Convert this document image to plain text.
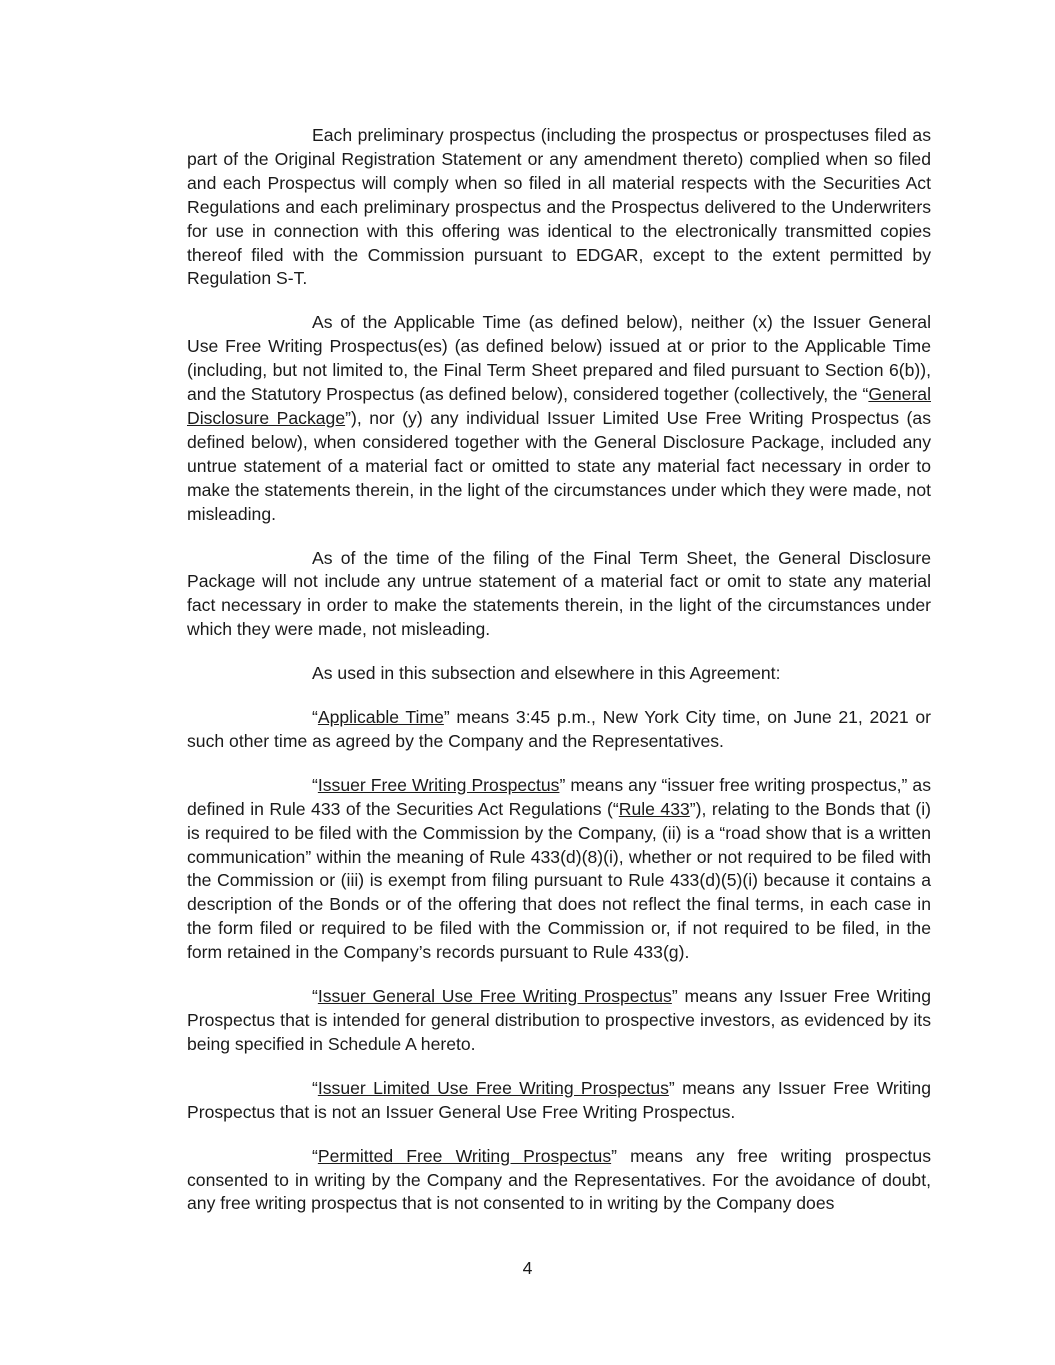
Each preliminary prospectus (including the prospectus or prospectuses filed as part of the Original Registration Statement or any amendment thereto) complied when so filed and each Prospectus will comply when so filed in all material respects with the Securities Act Regulations and each preliminary prospectus and the Prospectus delivered to the Underwriters for use in connection with this offering was identical to the electronically transmitted copies thereof filed with the Commission pursuant to EDGAR, except to the extent permitted by Regulation S-T.

As of the Applicable Time (as defined below), neither (x) the Issuer General Use Free Writing Prospectus(es) (as defined below) issued at or prior to the Applicable Time (including, but not limited to, the Final Term Sheet prepared and filed pursuant to Section 6(b)), and the Statutory Prospectus (as defined below), considered together (collectively, the “General Disclosure Package”), nor (y) any individual Issuer Limited Use Free Writing Prospectus (as defined below), when considered together with the General Disclosure Package, included any untrue statement of a material fact or omitted to state any material fact necessary in order to make the statements therein, in the light of the circumstances under which they were made, not misleading.

As of the time of the filing of the Final Term Sheet, the General Disclosure Package will not include any untrue statement of a material fact or omit to state any material fact necessary in order to make the statements therein, in the light of the circumstances under which they were made, not misleading.

As used in this subsection and elsewhere in this Agreement:

“Applicable Time” means 3:45 p.m., New York City time, on June 21, 2021 or such other time as agreed by the Company and the Representatives.

“Issuer Free Writing Prospectus” means any “issuer free writing prospectus,” as defined in Rule 433 of the Securities Act Regulations (“Rule 433”), relating to the Bonds that (i) is required to be filed with the Commission by the Company, (ii) is a “road show that is a written communication” within the meaning of Rule 433(d)(8)(i), whether or not required to be filed with the Commission or (iii) is exempt from filing pursuant to Rule 433(d)(5)(i) because it contains a description of the Bonds or of the offering that does not reflect the final terms, in each case in the form filed or required to be filed with the Commission or, if not required to be filed, in the form retained in the Company’s records pursuant to Rule 433(g).

“Issuer General Use Free Writing Prospectus” means any Issuer Free Writing Prospectus that is intended for general distribution to prospective investors, as evidenced by its being specified in Schedule A hereto.

“Issuer Limited Use Free Writing Prospectus” means any Issuer Free Writing Prospectus that is not an Issuer General Use Free Writing Prospectus.

“Permitted Free Writing Prospectus” means any free writing prospectus consented to in writing by the Company and the Representatives. For the avoidance of doubt, any free writing prospectus that is not consented to in writing by the Company does

4
